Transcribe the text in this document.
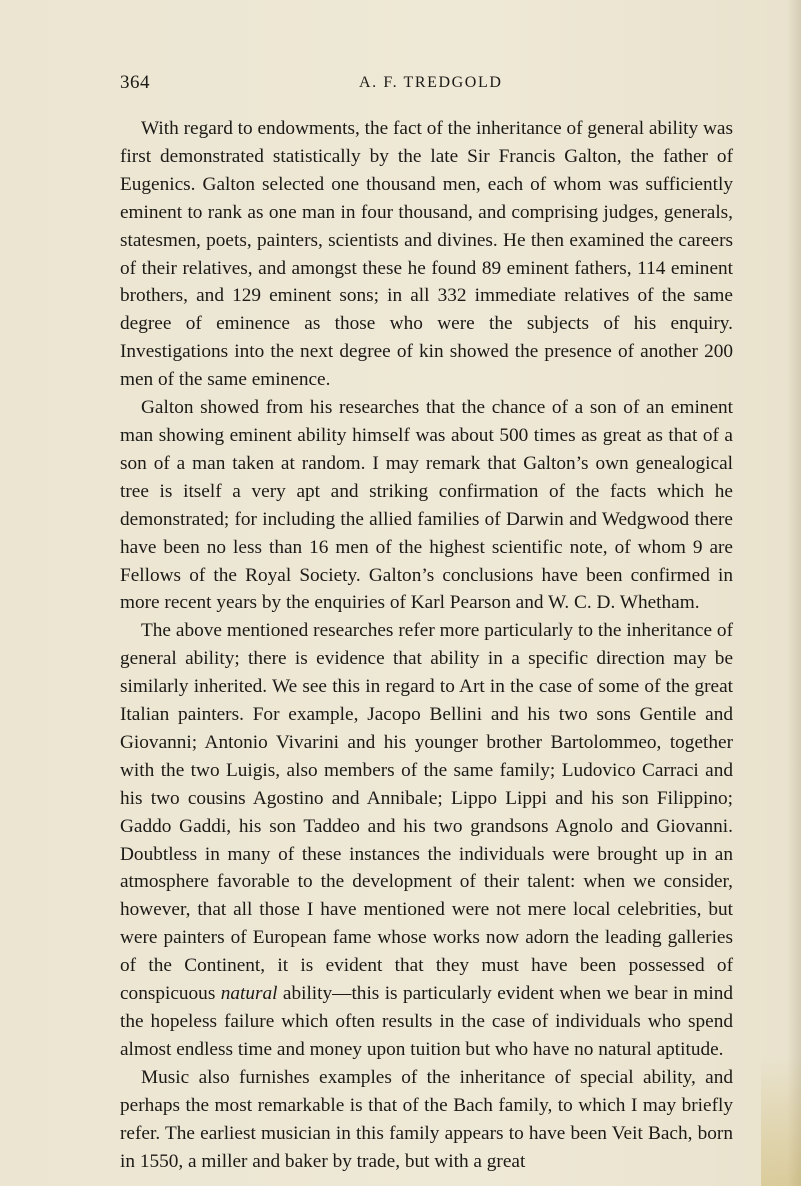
364	A. F. TREDGOLD

With regard to endowments, the fact of the inheritance of general ability was first demonstrated statistically by the late Sir Francis Galton, the father of Eugenics. Galton selected one thousand men, each of whom was sufficiently eminent to rank as one man in four thousand, and comprising judges, generals, statesmen, poets, painters, scientists and divines. He then examined the careers of their relatives, and amongst these he found 89 eminent fathers, 114 eminent brothers, and 129 eminent sons; in all 332 immediate relatives of the same degree of eminence as those who were the subjects of his enquiry. Investigations into the next degree of kin showed the presence of another 200 men of the same eminence.

Galton showed from his researches that the chance of a son of an eminent man showing eminent ability himself was about 500 times as great as that of a son of a man taken at random. I may remark that Galton’s own genealogical tree is itself a very apt and striking confirmation of the facts which he demonstrated; for including the allied families of Darwin and Wedgwood there have been no less than 16 men of the highest scientific note, of whom 9 are Fellows of the Royal Society. Galton’s conclusions have been confirmed in more recent years by the enquiries of Karl Pearson and W. C. D. Whetham.

The above mentioned researches refer more particularly to the inheritance of general ability; there is evidence that ability in a specific direction may be similarly inherited. We see this in regard to Art in the case of some of the great Italian painters. For example, Jacopo Bellini and his two sons Gentile and Giovanni; Antonio Vivarini and his younger brother Bartolommeo, together with the two Luigis, also members of the same family; Ludovico Carraci and his two cousins Agostino and Annibale; Lippo Lippi and his son Filippino; Gaddo Gaddi, his son Taddeo and his two grandsons Agnolo and Giovanni. Doubtless in many of these instances the individuals were brought up in an atmosphere favorable to the development of their talent: when we consider, however, that all those I have mentioned were not mere local celebrities, but were painters of European fame whose works now adorn the leading galleries of the Continent, it is evident that they must have been possessed of conspicuous natural ability—this is particularly evident when we bear in mind the hopeless failure which often results in the case of individuals who spend almost endless time and money upon tuition but who have no natural aptitude.

Music also furnishes examples of the inheritance of special ability, and perhaps the most remarkable is that of the Bach family, to which I may briefly refer. The earliest musician in this family appears to have been Veit Bach, born in 1550, a miller and baker by trade, but with a great
